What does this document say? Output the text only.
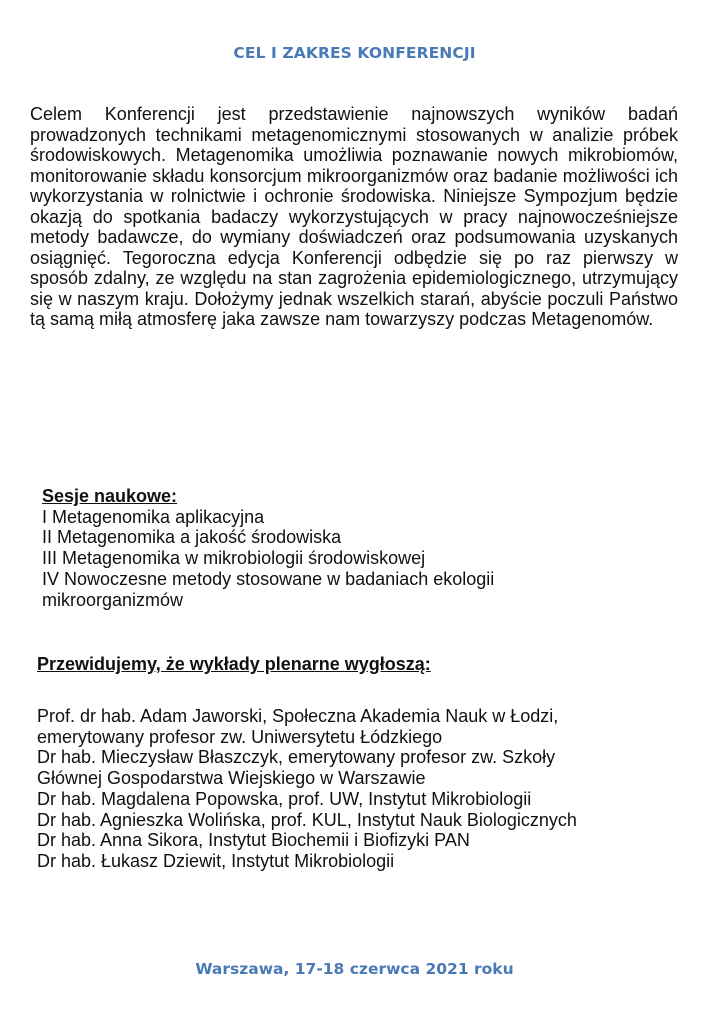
CEL I ZAKRES KONFERENCJI

Celem Konferencji jest przedstawienie najnowszych wyników badań prowadzonych technikami metagenomicznymi stosowanych w analizie próbek środowiskowych. Metagenomika umożliwia poznawanie nowych mikrobiomów, monitorowanie składu konsorcjum mikroorganizmów oraz badanie możliwości ich wykorzystania w rolnictwie i ochronie środowiska. Niniejsze Sympozjum będzie okazją do spotkania badaczy wykorzystujących w pracy najnowocześniejsze metody badawcze, do wymiany doświadczeń oraz podsumowania uzyskanych osiągnięć. Tegoroczna edycja Konferencji odbędzie się po raz pierwszy w sposób zdalny, ze względu na stan zagrożenia epidemiologicznego, utrzymujący się w naszym kraju. Dołożymy jednak wszelkich starań, abyście poczuli Państwo tą samą miłą atmosferę jaka zawsze nam towarzyszy podczas Metagenomów.

Sesje naukowe:

I Metagenomika aplikacyjna

II Metagenomika a jakość środowiska

III Metagenomika w mikrobiologii środowiskowej

IV Nowoczesne metody stosowane w badaniach ekologii

mikroorganizmów

Przewidujemy, że wykłady plenarne wygłoszą:

Prof. dr hab. Adam Jaworski, Społeczna Akademia Nauk w Łodzi,

emerytowany profesor zw. Uniwersytetu Łódzkiego

Dr hab. Mieczysław Błaszczyk, emerytowany profesor zw. Szkoły

Głównej Gospodarstwa Wiejskiego w Warszawie

Dr hab. Magdalena Popowska, prof. UW, Instytut Mikrobiologii

Dr hab. Agnieszka Wolińska, prof. KUL, Instytut Nauk Biologicznych

Dr hab. Anna Sikora, Instytut Biochemii i Biofizyki PAN

Dr hab. Łukasz Dziewit, Instytut Mikrobiologii

Warszawa, 17-18 czerwca 2021 roku
